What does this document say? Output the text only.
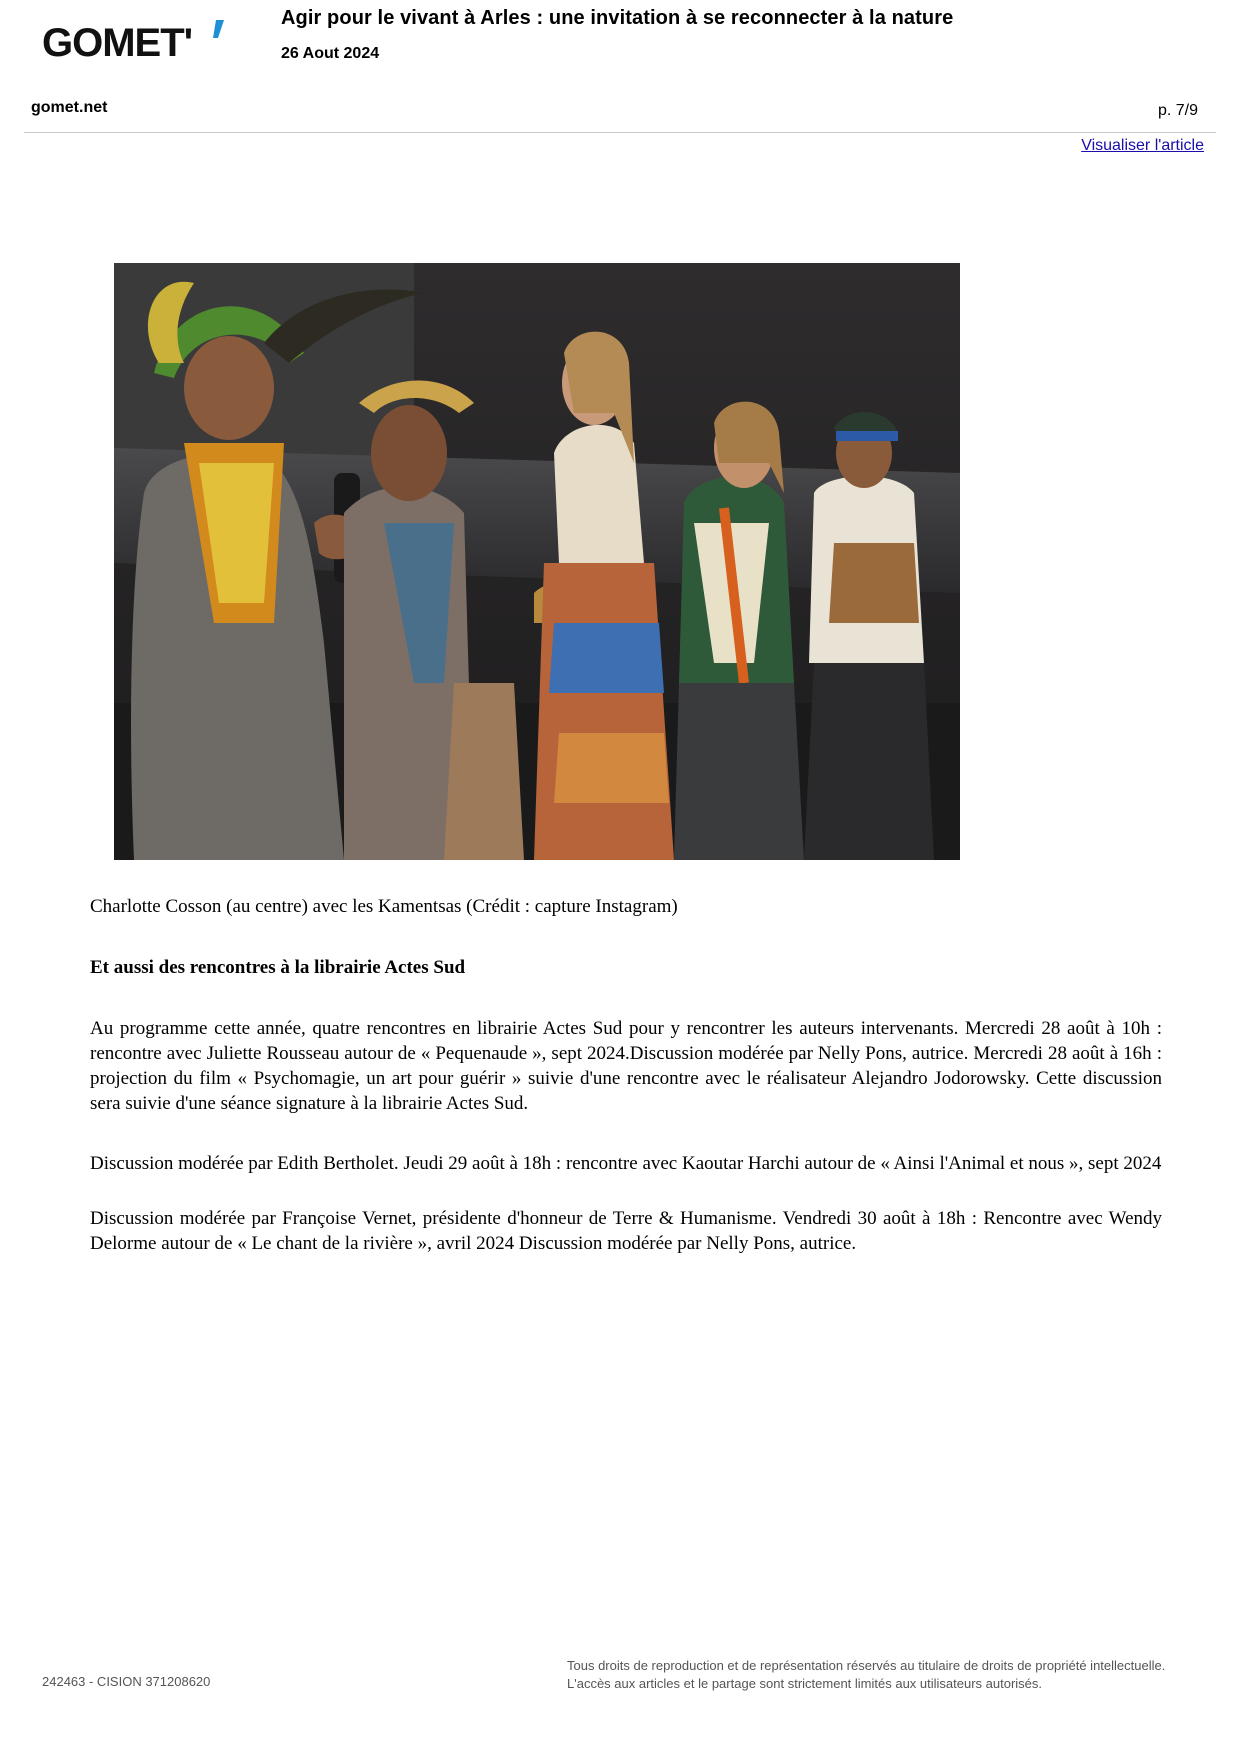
GOMET'
Agir pour le vivant à Arles : une invitation à se reconnecter à la nature
26 Aout 2024
gomet.net	p. 7/9
Visualiser l'article
Charlotte Cosson (au centre) avec les Kamentsas (Crédit : capture Instagram)
Et aussi des rencontres à la librairie Actes Sud
Au programme cette année, quatre rencontres en librairie Actes Sud pour y rencontrer les auteurs intervenants. Mercredi 28 août à 10h : rencontre avec Juliette Rousseau autour de « Pequenaude », sept 2024.Discussion modérée par Nelly Pons, autrice. Mercredi 28 août à 16h : projection du film « Psychomagie, un art pour guérir » suivie d'une rencontre avec le réalisateur Alejandro Jodorowsky. Cette discussion sera suivie d'une séance signature à la librairie Actes Sud.
Discussion modérée par Edith Bertholet. Jeudi 29 août à 18h : rencontre avec Kaoutar Harchi autour de « Ainsi l'Animal et nous », sept 2024
Discussion modérée par Françoise Vernet, présidente d'honneur de Terre & Humanisme. Vendredi 30 août à 18h : Rencontre avec Wendy Delorme autour de « Le chant de la rivière », avril 2024 Discussion modérée par Nelly Pons, autrice.
242463 - CISION 371208620
Tous droits de reproduction et de représentation réservés au titulaire de droits de propriété intellectuelle.
L'accès aux articles et le partage sont strictement limités aux utilisateurs autorisés.
